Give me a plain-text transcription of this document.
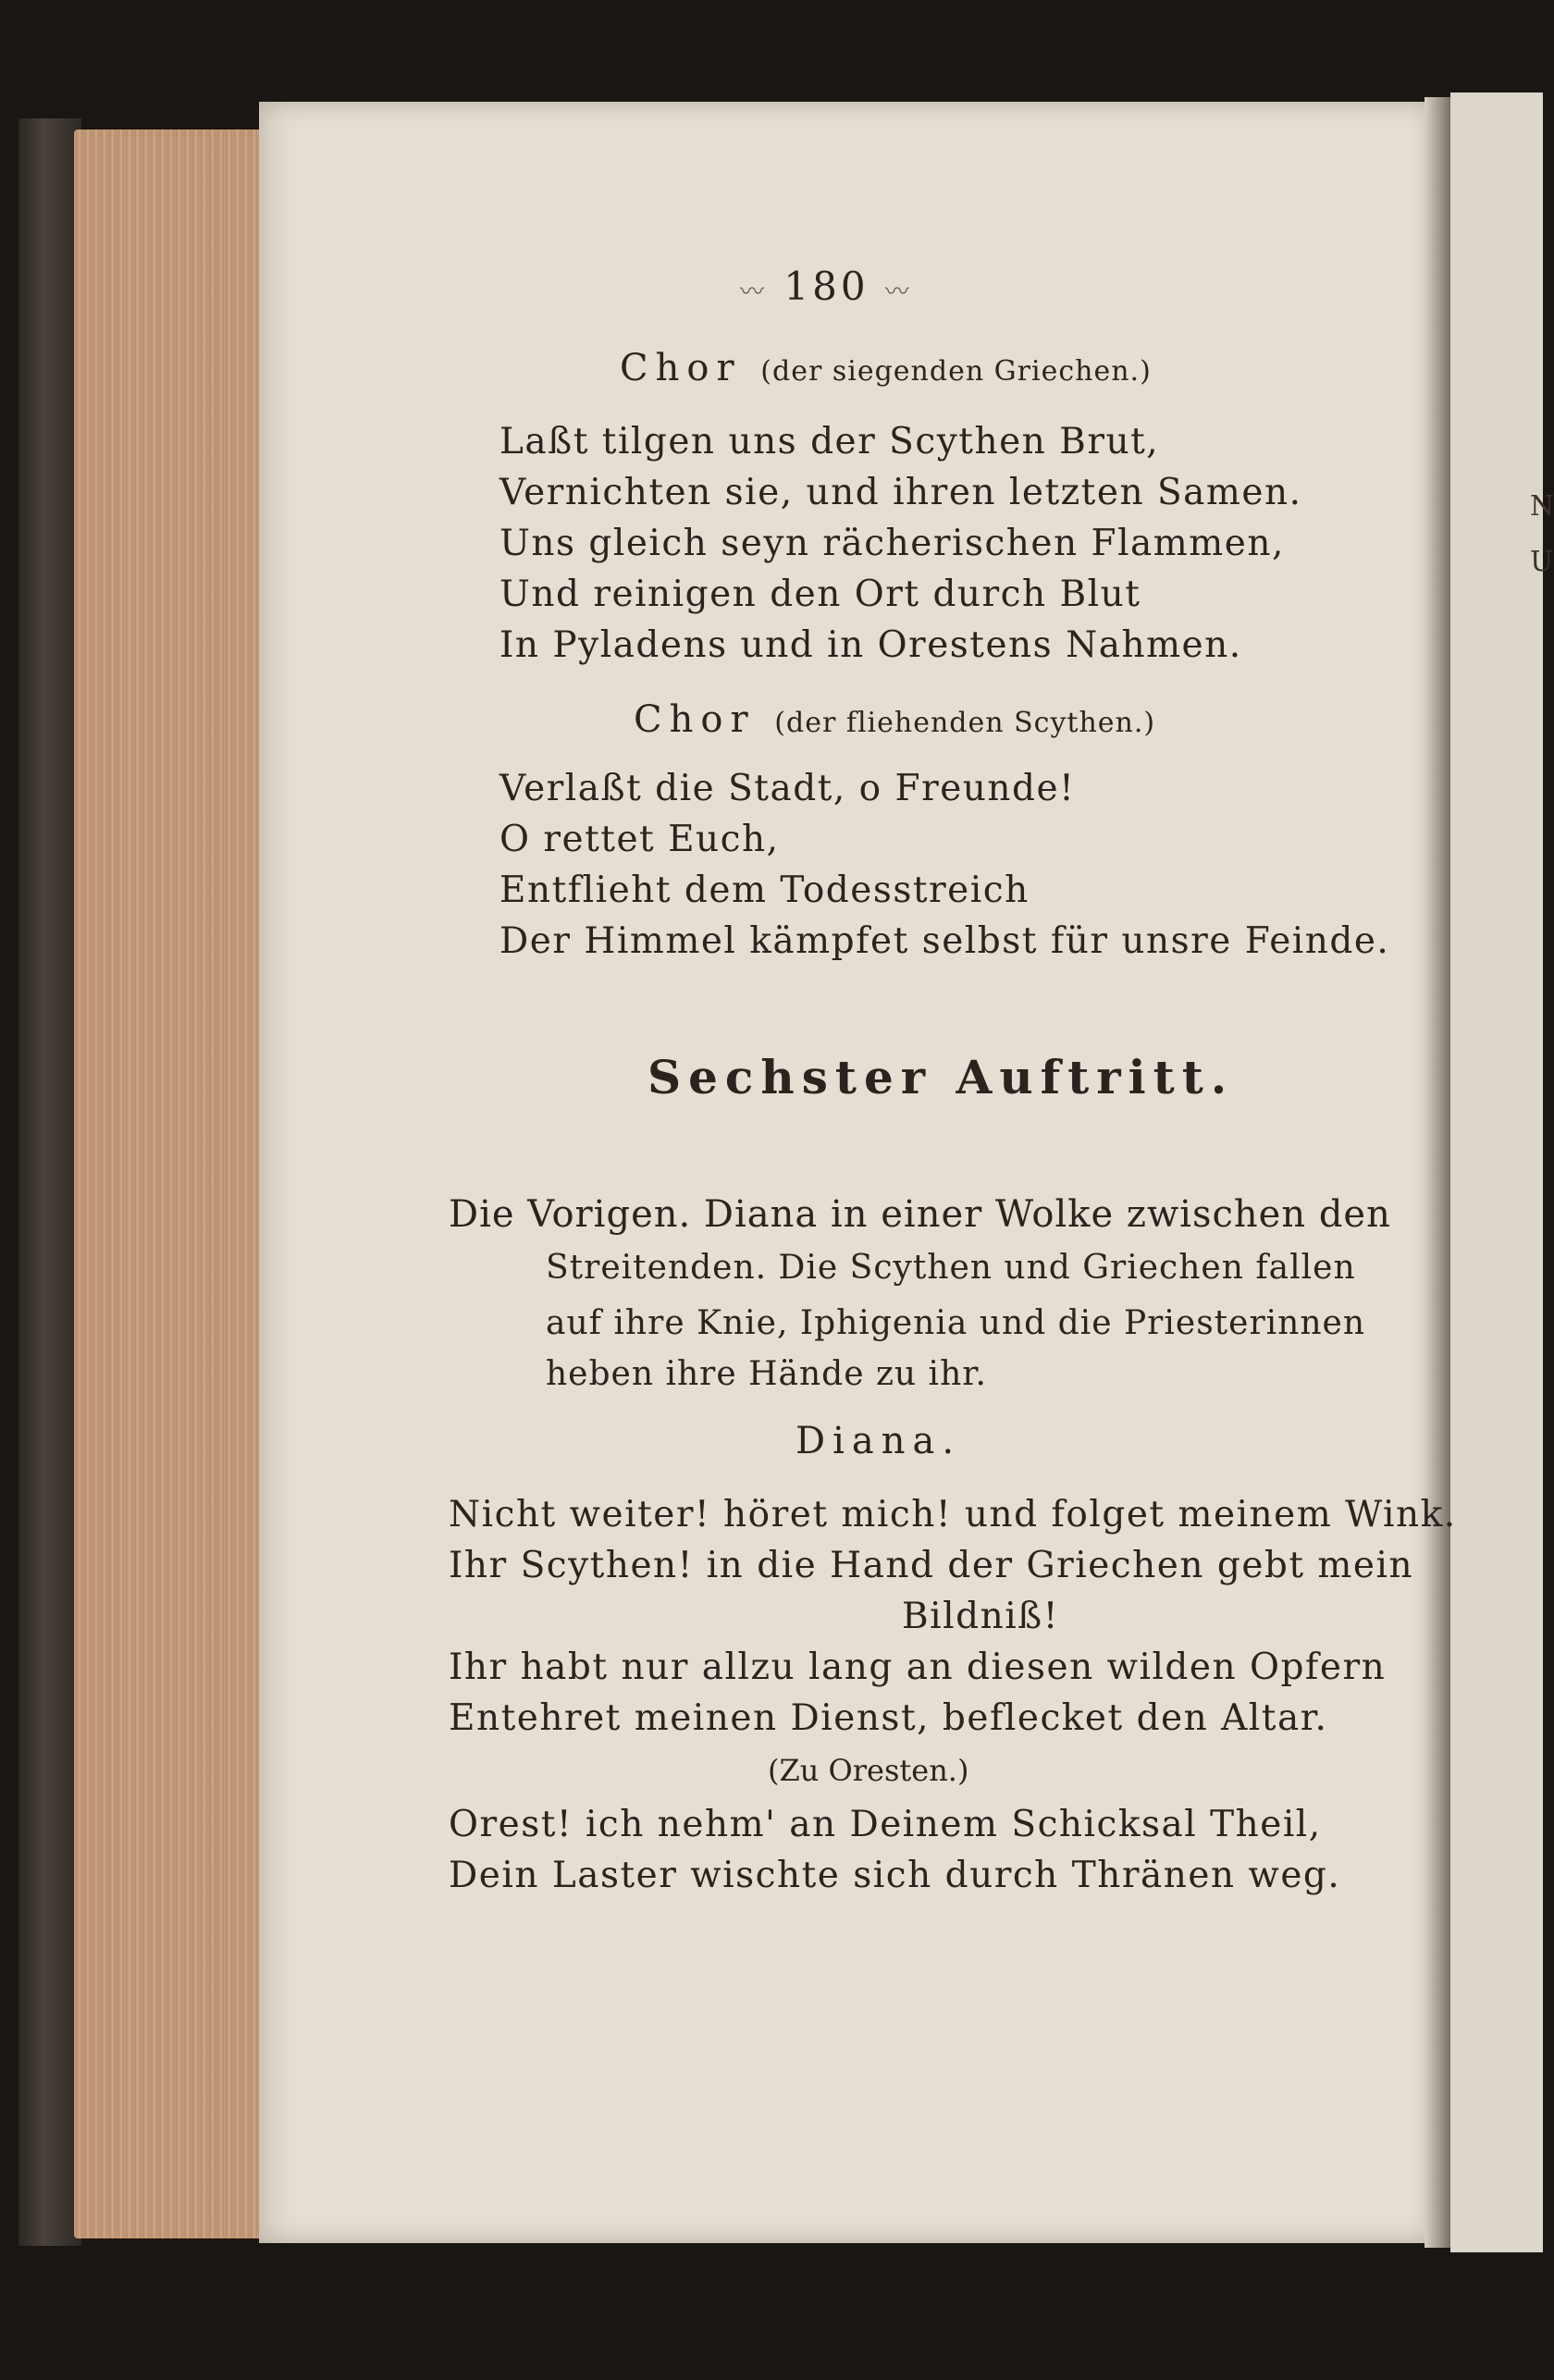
N
U
〰 180 〰
Chor (der siegenden Griechen.)
Laßt tilgen uns der Scythen Brut,
Vernichten sie, und ihren letzten Samen.
Uns gleich seyn rächerischen Flammen,
Und reinigen den Ort durch Blut
In Pyladens und in Orestens Nahmen.
Chor (der fliehenden Scythen.)
Verlaßt die Stadt, o Freunde!
O rettet Euch,
Entflieht dem Todesstreich
Der Himmel kämpfet selbst für unsre Feinde.
Sechster Auftritt.
Die Vorigen. Diana in einer Wolke zwischen den
Streitenden. Die Scythen und Griechen fallen
auf ihre Knie, Iphigenia und die Priesterinnen
heben ihre Hände zu ihr.
Diana.
Nicht weiter! höret mich! und folget meinem Wink.
Ihr Scythen! in die Hand der Griechen gebt mein
Bildniß!
Ihr habt nur allzu lang an diesen wilden Opfern
Entehret meinen Dienst, beflecket den Altar.
(Zu Oresten.)
Orest! ich nehm' an Deinem Schicksal Theil,
Dein Laster wischte sich durch Thränen weg.
